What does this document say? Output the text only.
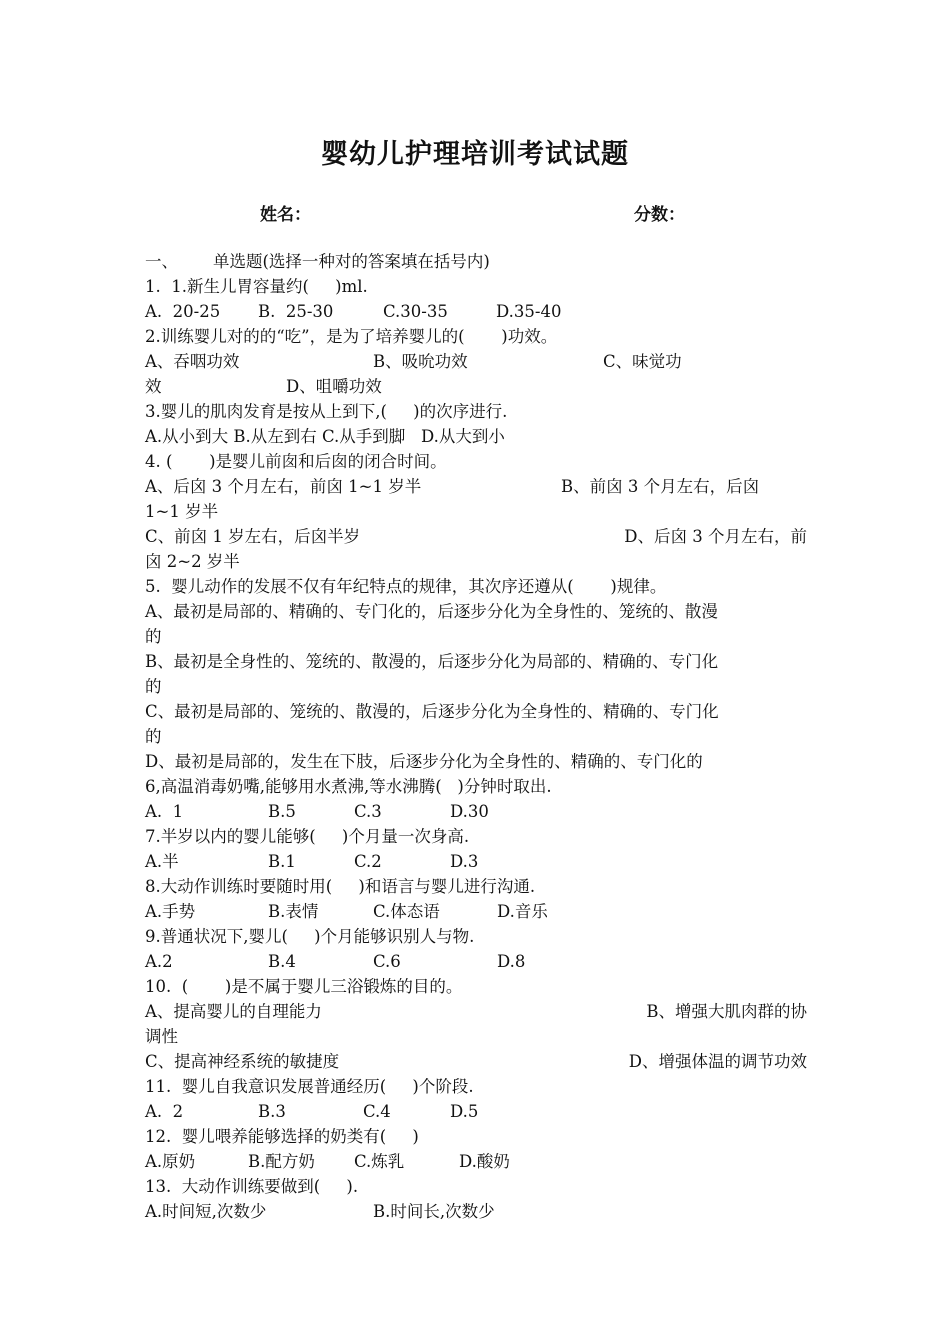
婴幼儿护理培训考试试题
姓名：	分数：
一、 单选题(选择一种对的答案填在括号内)
1.  1.新生儿胃容量约(     )ml.
A.  20-25 B.  25-30	C.30-35	D.35-40
2.训练婴儿对的的“吃”，是为了培养婴儿的(       )功效。
A、吞咽功效	B、吸吮功效	C、味觉功
效	D、咀嚼功效
3.婴儿的肌肉发育是按从上到下,(     )的次序进行.
A.从小到大 B.从左到右 C.从手到脚   D.从大到小
4. (       )是婴儿前囱和后囱的闭合时间。
A、后囟 3 个月左右，前囟 1~1 岁半	B、前囟 3 个月左右，后囟
1~1 岁半
C、前囟 1 岁左右，后囟半岁	D、后囟 3 个月左右，前
囟 2~2 岁半
5.  婴儿动作的发展不仅有年纪特点的规律，其次序还遵从(       )规律。
A、最初是局部的、精确的、专门化的，后逐步分化为全身性的、笼统的、散漫
的
B、最初是全身性的、笼统的、散漫的，后逐步分化为局部的、精确的、专门化
的
C、最初是局部的、笼统的、散漫的，后逐步分化为全身性的、精确的、专门化
的
D、最初是局部的，发生在下肢，后逐步分化为全身性的、精确的、专门化的
6,高温消毒奶嘴,能够用水煮沸,等水沸腾(   )分钟时取出.
A.  1	B.5	C.3	D.30
7.半岁以内的婴儿能够(     )个月量一次身高.
A.半	B.1	C.2	D.3
8.大动作训练时要随时用(     )和语言与婴儿进行沟通.
A.手势	B.表情	C.体态语	D.音乐
9.普通状况下,婴儿(     )个月能够识别人与物.
A.2	B.4	C.6	D.8
10.  (       )是不属于婴儿三浴锻炼的目的。
A、提高婴儿的自理能力	B、增强大肌肉群的协
调性
C、提高神经系统的敏捷度	D、增强体温的调节功效
11.  婴儿自我意识发展普通经历(     )个阶段.
A.  2	B.3	C.4	D.5
12.  婴儿喂养能够选择的奶类有(     )
A.原奶	B.配方奶 C.炼乳	D.酸奶
13.  大动作训练要做到(     ).
A.时间短,次数少	B.时间长,次数少
